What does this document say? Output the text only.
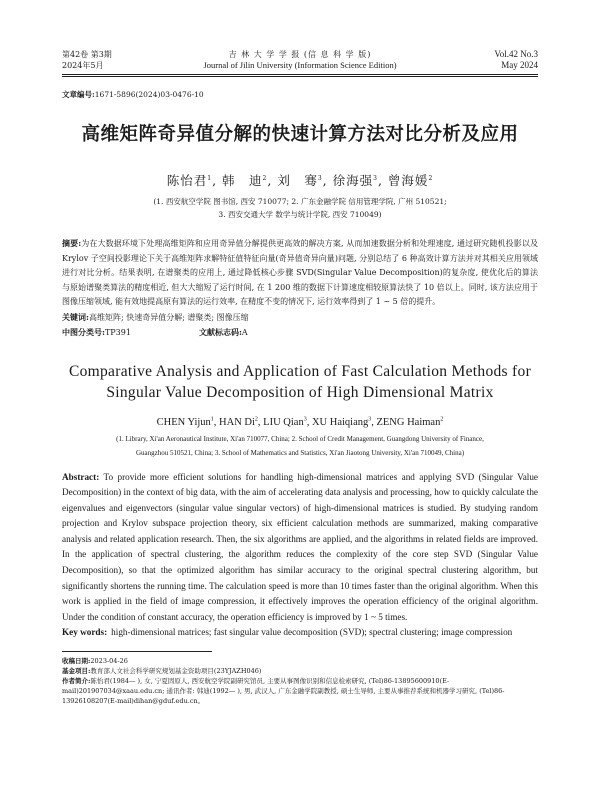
第42卷 第3期
2024年5月
吉 林 大 学 学 报 (信 息 科 学 版)
Journal of Jilin University (Information Science Edition)
Vol.42 No.3
May 2024
文章编号:1671-5896(2024)03-0476-10
高维矩阵奇异值分解的快速计算方法对比分析及应用
陈怡君$^1$, 韩　迪$^2$, 刘　骞$^3$, 徐海强$^3$, 曾海媛$^2$
(1. 西安航空学院 图书馆, 西安 710077; 2. 广东金融学院 信用管理学院, 广州 510521;
3. 西安交通大学 数学与统计学院, 西安 710049)
摘要:为在大数据环境下处理高维矩阵和应用奇异值分解提供更高效的解决方案, 从而加速数据分析和处理速度, 通过研究随机投影以及 Krylov 子空间投影理论下关于高维矩阵求解特征值特征向量(奇异值奇异向量)问题, 分别总结了 6 种高效计算方法并对其相关应用领域进行对比分析。结果表明, 在谱聚类的应用上, 通过降低核心步骤 SVD(Singular Value Decomposition)的复杂度, 使优化后的算法与原始谱聚类算法的精度相近, 但大大缩短了运行时间, 在 1 200 维的数据下计算速度相较原算法快了 10 倍以上。同时, 该方法应用于图像压缩领域, 能有效地提高原有算法的运行效率, 在精度不变的情况下, 运行效率得到了 1 ~ 5 倍的提升。
关键词:高维矩阵; 快速奇异值分解; 谱聚类; 图像压缩
中图分类号:TP391	文献标志码:A
Comparative Analysis and Application of Fast Calculation Methods for
Singular Value Decomposition of High Dimensional Matrix
CHEN Yijun$^1$, HAN Di$^2$, LIU Qian$^3$, XU Haiqiang$^3$, ZENG Haiman$^2$
(1. Library, Xi'an Aeronautical Institute, Xi'an 710077, China; 2. School of Credit Management, Guangdong University of Finance,
Guangzhou 510521, China; 3. School of Mathematics and Statistics, Xi'an Jiaotong University, Xi'an 710049, China)
Abstract: To provide more efficient solutions for handling high-dimensional matrices and applying SVD (Singular Value Decomposition) in the context of big data, with the aim of accelerating data analysis and processing, how to quickly calculate the eigenvalues and eigenvectors (singular value singular vectors) of high-dimensional matrices is studied. By studying random projection and Krylov subspace projection theory, six efficient calculation methods are summarized, making comparative analysis and related application research. Then, the six algorithms are applied, and the algorithms in related fields are improved. In the application of spectral clustering, the algorithm reduces the complexity of the core step SVD (Singular Value Decomposition), so that the optimized algorithm has similar accuracy to the original spectral clustering algorithm, but significantly shortens the running time. The calculation speed is more than 10 times faster than the original algorithm. When this work is applied in the field of image compression, it effectively improves the operation efficiency of the original algorithm. Under the condition of constant accuracy, the operation efficiency is improved by 1 ~ 5 times.
Key words: high-dimensional matrices; fast singular value decomposition (SVD); spectral clustering; image compression
收稿日期:2023-04-26
基金项目:教育部人文社会科学研究规划基金资助项目(23YJAZH046)
作者简介:陈怡君(1984— ), 女, 宁夏固原人, 西安航空学院副研究馆员, 主要从事图像识别和信息检索研究, (Tel)86-13895600910(E-mail)201907034@xaau.edu.cn; 通讯作者: 韩迪(1992— ), 男, 武汉人, 广东金融学院副教授, 硕士生导师, 主要从事推荐系统和机器学习研究, (Tel)86-13926108207(E-mail)dihan@gduf.edu.cn。
